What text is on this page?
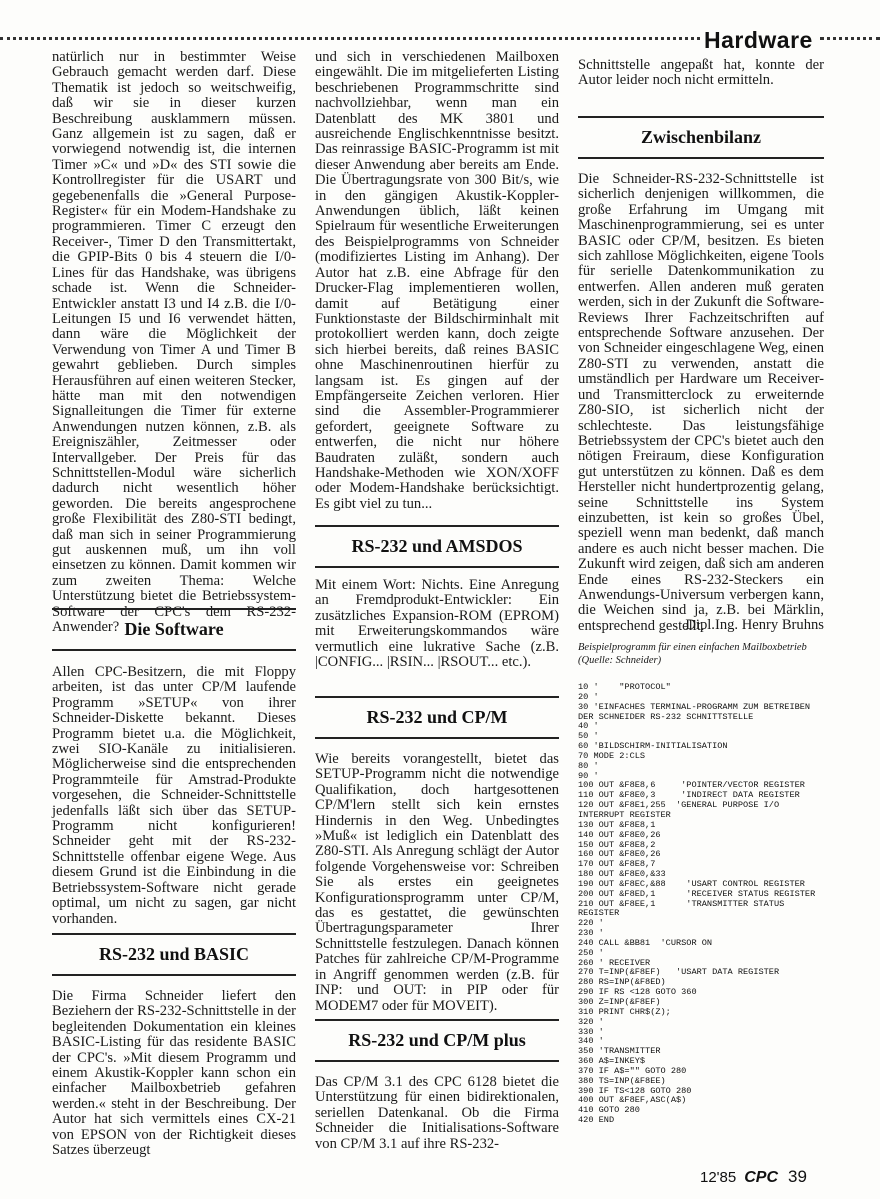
Hardware

natürlich nur in bestimmter Weise Gebrauch gemacht werden darf. Diese Thematik ist jedoch so weitschweifig, daß wir sie in dieser kurzen Beschreibung ausklammern müssen. Ganz allgemein ist zu sagen, daß er vorwiegend notwendig ist, die internen Timer »C« und »D« des STI sowie die Kontrollregister für die USART und gegebenenfalls die »General Purpose-Register« für ein Modem-Handshake zu programmieren. Timer C erzeugt den Receiver-, Timer D den Transmittertakt, die GPIP-Bits 0 bis 4 steuern die I/0-Lines für das Handshake, was übrigens schade ist. Wenn die Schneider-Entwickler anstatt I3 und I4 z.B. die I/0-Leitungen I5 und I6 verwendet hätten, dann wäre die Möglichkeit der Verwendung von Timer A und Timer B gewahrt geblieben. Durch simples Herausführen auf einen weiteren Stecker, hätte man mit den notwendigen Signalleitungen die Timer für externe Anwendungen nutzen können, z.B. als Ereigniszähler, Zeitmesser oder Intervallgeber. Der Preis für das Schnittstellen-Modul wäre sicherlich dadurch nicht wesentlich höher geworden. Die bereits angesprochene große Flexibilität des Z80-STI bedingt, daß man sich in seiner Programmierung gut auskennen muß, um ihn voll einsetzen zu können. Damit kommen wir zum zweiten Thema: Welche Unterstützung bietet die Betriebssystem-Software der CPC's dem RS-232-Anwender? Die Software

Allen CPC-Besitzern, die mit Floppy arbeiten, ist das unter CP/M laufende Programm »SETUP« von ihrer Schneider-Diskette bekannt. Dieses Programm bietet u.a. die Möglichkeit, zwei SIO-Kanäle zu initialisieren. Möglicherweise sind die entsprechenden Programmteile für Amstrad-Produkte vorgesehen, die Schneider-Schnittstelle jedenfalls läßt sich über das SETUP-Programm nicht konfigurieren! Schneider geht mit der RS-232-Schnittstelle offenbar eigene Wege. Aus diesem Grund ist die Einbindung in die Betriebssystem-Software nicht gerade optimal, um nicht zu sagen, gar nicht vorhanden.

RS-232 und BASIC

Die Firma Schneider liefert den Beziehern der RS-232-Schnittstelle in der begleitenden Dokumentation ein kleines BASIC-Listing für das residente BASIC der CPC's. »Mit diesem Programm und einem Akustik-Koppler kann schon ein einfacher Mailboxbetrieb gefahren werden.« steht in der Beschreibung. Der Autor hat sich vermittels eines CX-21 von EPSON von der Richtigkeit dieses Satzes überzeugt

und sich in verschiedenen Mailboxen eingewählt. Die im mitgelieferten Listing beschriebenen Programmschritte sind nachvollziehbar, wenn man ein Datenblatt des MK 3801 und ausreichende Englischkenntnisse besitzt. Das reinrassige BASIC-Programm ist mit dieser Anwendung aber bereits am Ende. Die Übertragungsrate von 300 Bit/s, wie in den gängigen Akustik-Koppler-Anwendungen üblich, läßt keinen Spielraum für wesentliche Erweiterungen des Beispielprogramms von Schneider (modifiziertes Listing im Anhang). Der Autor hat z.B. eine Abfrage für den Drucker-Flag implementieren wollen, damit auf Betätigung einer Funktionstaste der Bildschirminhalt mit protokolliert werden kann, doch zeigte sich hierbei bereits, daß reines BASIC ohne Maschinenroutinen hierfür zu langsam ist. Es gingen auf der Empfängerseite Zeichen verloren. Hier sind die Assembler-Programmierer gefordert, geeignete Software zu entwerfen, die nicht nur höhere Baudraten zuläßt, sondern auch Handshake-Methoden wie XON/XOFF oder Modem-Handshake berücksichtigt. Es gibt viel zu tun...

RS-232 und AMSDOS

Mit einem Wort: Nichts. Eine Anregung an Fremdprodukt-Entwickler: Ein zusätzliches Expansion-ROM (EPROM) mit Erweiterungskommandos wäre vermutlich eine lukrative Sache (z.B. |CONFIG... |RSIN... |RSOUT... etc.).

RS-232 und CP/M

Wie bereits vorangestellt, bietet das SETUP-Programm nicht die notwendige Qualifikation, doch hartgesottenen CP/M'lern stellt sich kein ernstes Hindernis in den Weg. Unbedingtes »Muß« ist lediglich ein Datenblatt des Z80-STI. Als Anregung schlägt der Autor folgende Vorgehensweise vor: Schreiben Sie als erstes ein geeignetes Konfigurationsprogramm unter CP/M, das es gestattet, die gewünschten Übertragungsparameter Ihrer Schnittstelle festzulegen. Danach können Patches für zahlreiche CP/M-Programme in Angriff genommen werden (z.B. für INP: und OUT: in PIP oder für MODEM7 oder für MOVEIT).

RS-232 und CP/M plus

Das CP/M 3.1 des CPC 6128 bietet die Unterstützung für einen bidirektionalen, seriellen Datenkanal. Ob die Firma Schneider die Initialisations-Software von CP/M 3.1 auf ihre RS-232-

Schnittstelle angepaßt hat, konnte der Autor leider noch nicht ermitteln.

Zwischenbilanz

Die Schneider-RS-232-Schnittstelle ist sicherlich denjenigen willkommen, die große Erfahrung im Umgang mit Maschinenprogrammierung, sei es unter BASIC oder CP/M, besitzen. Es bieten sich zahllose Möglichkeiten, eigene Tools für serielle Datenkommunikation zu entwerfen. Allen anderen muß geraten werden, sich in der Zukunft die Software-Reviews Ihrer Fachzeitschriften auf entsprechende Software anzusehen. Der von Schneider eingeschlagene Weg, einen Z80-STI zu verwenden, anstatt die umständlich per Hardware um Receiver- und Transmitterclock zu erweiternde Z80-SIO, ist sicherlich nicht der schlechteste. Das leistungsfähige Betriebssystem der CPC's bietet auch den nötigen Freiraum, diese Konfiguration gut unterstützen zu können. Daß es dem Hersteller nicht hundertprozentig gelang, seine Schnittstelle ins System einzubetten, ist kein so großes Übel, speziell wenn man bedenkt, daß manch andere es auch nicht besser machen. Die Zukunft wird zeigen, daß sich am anderen Ende eines RS-232-Steckers ein Anwendungs-Universum verbergen kann, die Weichen sind ja, z.B. bei Märklin, entsprechend gestellt.

Dipl.Ing. Henry Bruhns
Beispielprogramm für einen einfachen Mailboxbetrieb (Quelle: Schneider)
10 '    "PROTOCOL"
20 '
30 'EINFACHES TERMINAL-PROGRAMM ZUM BETREIBEN DER SCHNEIDER RS-232 SCHNITTSTELLE
40 '
50 '
60 'BILDSCHIRM-INITIALISATION
70 MODE 2:CLS
80 '
90 '
100 OUT &F8E8,6     'POINTER/VECTOR REGISTER
110 OUT &F8E0,3     'INDIRECT DATA REGISTER
120 OUT &F8E1,255  'GENERAL PURPOSE I/O INTERRUPT REGISTER
130 OUT &F8E8,1
140 OUT &F8E0,26
150 OUT &F8E8,2
160 OUT &F8E0,26
170 OUT &F8E8,7
180 OUT &F8E0,&33
190 OUT &F8EC,&88    'USART CONTROL REGISTER
200 OUT &F8ED,1      'RECEIVER STATUS REGISTER
210 OUT &F8EE,1      'TRANSMITTER STATUS REGISTER
220 '
230 '
240 CALL &BB81  'CURSOR ON
250 '
260 ' RECEIVER
270 T=INP(&F8EF)   'USART DATA REGISTER
280 RS=INP(&F8ED)
290 IF RS <128 GOTO 360
300 Z=INP(&F8EF)
310 PRINT CHR$(Z);
320 '
330 '
340 '
350 'TRANSMITTER
360 A$=INKEY$
370 IF A$="" GOTO 280
380 TS=INP(&F8EE)
390 IF TS<128 GOTO 280
400 OUT &F8EF,ASC(A$)
410 GOTO 280
420 END
12'85 CPC 39
